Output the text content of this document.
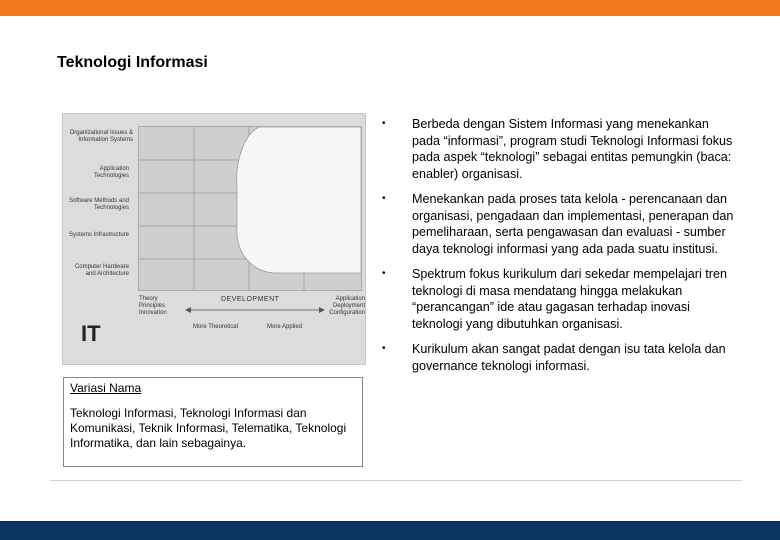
Teknologi Informasi
Organizational Issues & Information Systems
Application Technologies
Software Methods and Technologies
Systems Infrastructure
Computer Hardware and Architecture
Theory Principles Innovation
DEVELOPMENT	Application Deployment Configuration
More Theoretical	More Applied
IT
Variasi Nama
Teknologi Informasi, Teknologi Informasi dan Komunikasi, Teknik Informasi, Telematika, Teknologi Informatika, dan lain sebagainya.
• Berbeda dengan Sistem Informasi yang menekankan pada “informasi”, program studi Teknologi Informasi fokus pada aspek “teknologi” sebagai entitas pemungkin (baca: enabler) organisasi.
• Menekankan pada proses tata kelola - perencanaan dan organisasi, pengadaan dan implementasi, penerapan dan pemeliharaan, serta pengawasan dan evaluasi - sumber daya teknologi informasi yang ada pada suatu institusi.
• Spektrum fokus kurikulum dari sekedar mempelajari tren teknologi di masa mendatang hingga melakukan “perancangan” ide atau gagasan terhadap inovasi teknologi yang dibutuhkan organisasi.
• Kurikulum akan sangat padat dengan isu tata kelola dan governance teknologi informasi.
